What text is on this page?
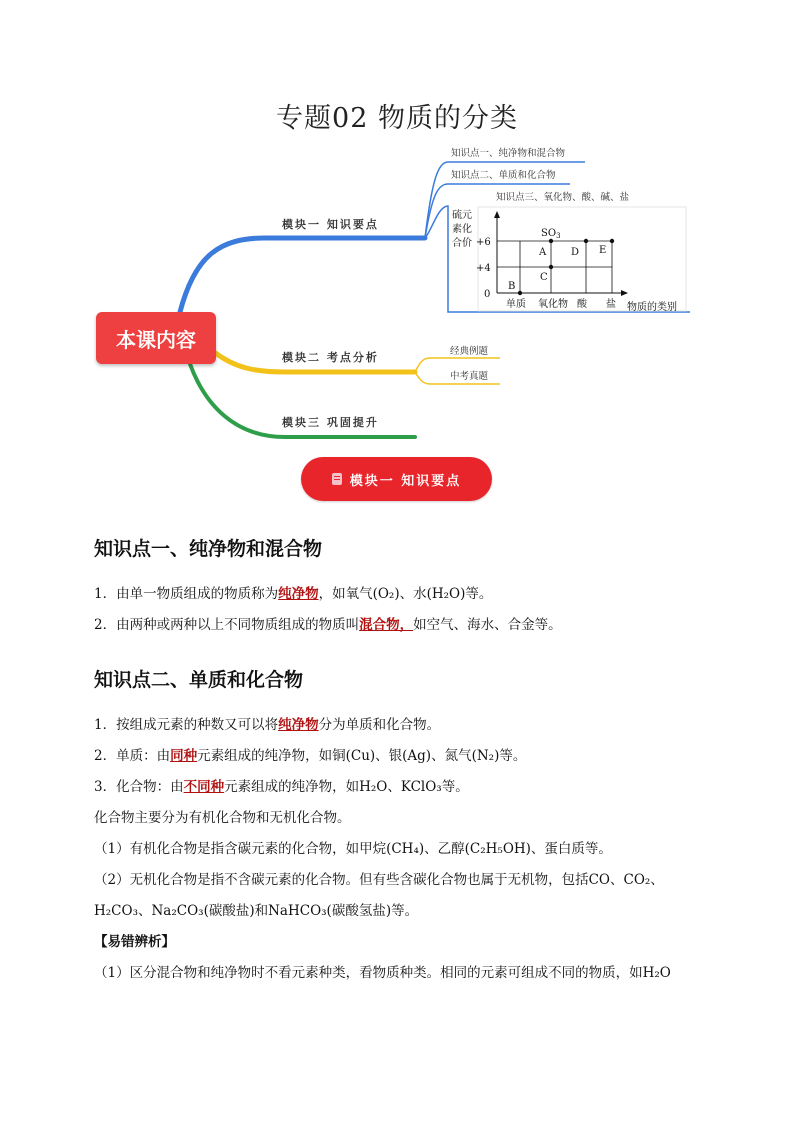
专题02 物质的分类
模块一 知识要点
模块二 考点分析
模块三 巩固提升
知识点一、纯净物和混合物
知识点二、单质和化合物
知识点三、氧化物、酸、碱、盐
经典例题
中考真题
硫元
素化
合价 +6
+4
0
单质 氧化物 酸 盐 物质的类别
B
C
A
$SO_3$
D E
本课内容
模块一 知识要点
知识点一、纯净物和混合物

1．由单一物质组成的物质称为纯净物，如氧气(O₂)、水(H₂O)等。

2．由两种或两种以上不同物质组成的物质叫混合物，如空气、海水、合金等。

知识点二、单质和化合物

1．按组成元素的种数又可以将纯净物分为单质和化合物。

2．单质：由同种元素组成的纯净物，如铜(Cu)、银(Ag)、氮气(N₂)等。

3．化合物：由不同种元素组成的纯净物，如H₂O、KClO₃等。

化合物主要分为有机化合物和无机化合物。

（1）有机化合物是指含碳元素的化合物，如甲烷(CH₄)、乙醇(C₂H₅OH)、蛋白质等。

（2）无机化合物是指不含碳元素的化合物。但有些含碳化合物也属于无机物，包括CO、CO₂、

H₂CO₃、Na₂CO₃(碳酸盐)和NaHCO₃(碳酸氢盐)等。

【易错辨析】

（1）区分混合物和纯净物时不看元素种类，看物质种类。相同的元素可组成不同的物质，如H₂O
